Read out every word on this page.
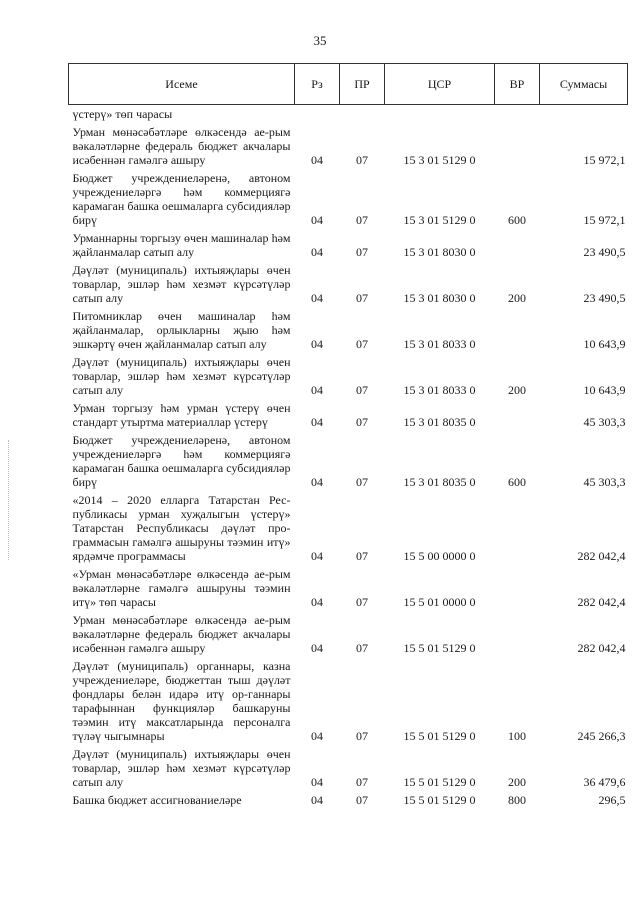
35
Исеме	Рз	ПР	ЦСР	ВР	Суммасы
үстерү» төп чарасы					
Урман мөнәсәбәтләре өлкәсендә ае-рым вәкаләтләрне федераль бюджет акчалары исәбеннән гамәлгә ашыру	04	07	15 3 01 5129 0		15 972,1
Бюджет учреждениеләренә, автоном учреждениеләргә һәм коммерциягә карамаган башка оешмаларга субсидияләр бирү	04	07	15 3 01 5129 0	600	15 972,1
Урманнарны торгызу өчен машиналар һәм җайланмалар сатып алу	04	07	15 3 01 8030 0		23 490,5
Дәүләт (муниципаль) ихтыяҗлары өчен товарлар, эшләр һәм хезмәт күрсәтүләр сатып алу	04	07	15 3 01 8030 0	200	23 490,5
Питомниклар өчен машиналар һәм җайланмалар, орлыкларны җыю һәм эшкәртү өчен җайланмалар сатып алу	04	07	15 3 01 8033 0		10 643,9
Дәүләт (муниципаль) ихтыяҗлары өчен товарлар, эшләр һәм хезмәт күрсәтүләр сатып алу	04	07	15 3 01 8033 0	200	10 643,9
Урман торгызу һәм урман үстерү өчен стандарт утыртма материаллар үстерү	04	07	15 3 01 8035 0		45 303,3
Бюджет учреждениеләренә, автоном учреждениеләргә һәм коммерциягә карамаган башка оешмаларга субсидияләр бирү	04	07	15 3 01 8035 0	600	45 303,3
«2014 – 2020 елларга Татарстан Рес-публикасы урман хуҗалыгын үстерү» Татарстан Республикасы дәүләт про-граммасын гамәлгә ашыруны тәэмин итү» ярдәмче программасы	04	07	15 5 00 0000 0		282 042,4
«Урман мөнәсәбәтләре өлкәсендә ае-рым вәкаләтләрне гамәлгә ашыруны тәэмин итү» төп чарасы	04	07	15 5 01 0000 0		282 042,4
Урман мөнәсәбәтләре өлкәсендә ае-рым вәкаләтләрне федераль бюджет акчалары исәбеннән гамәлгә ашыру	04	07	15 5 01 5129 0		282 042,4
Дәүләт (муниципаль) органнары, казна учреждениеләре, бюджеттан тыш дәүләт фондлары белән идарә итү ор-ганнары тарафыннан функцияләр башкаруны тәэмин итү максатларында персоналга түләү чыгымнары	04	07	15 5 01 5129 0	100	245 266,3
Дәүләт (муниципаль) ихтыяҗлары өчен товарлар, эшләр һәм хезмәт күрсәтүләр сатып алу	04	07	15 5 01 5129 0	200	36 479,6
Башка бюджет ассигнованиеләре	04	07	15 5 01 5129 0	800	296,5
